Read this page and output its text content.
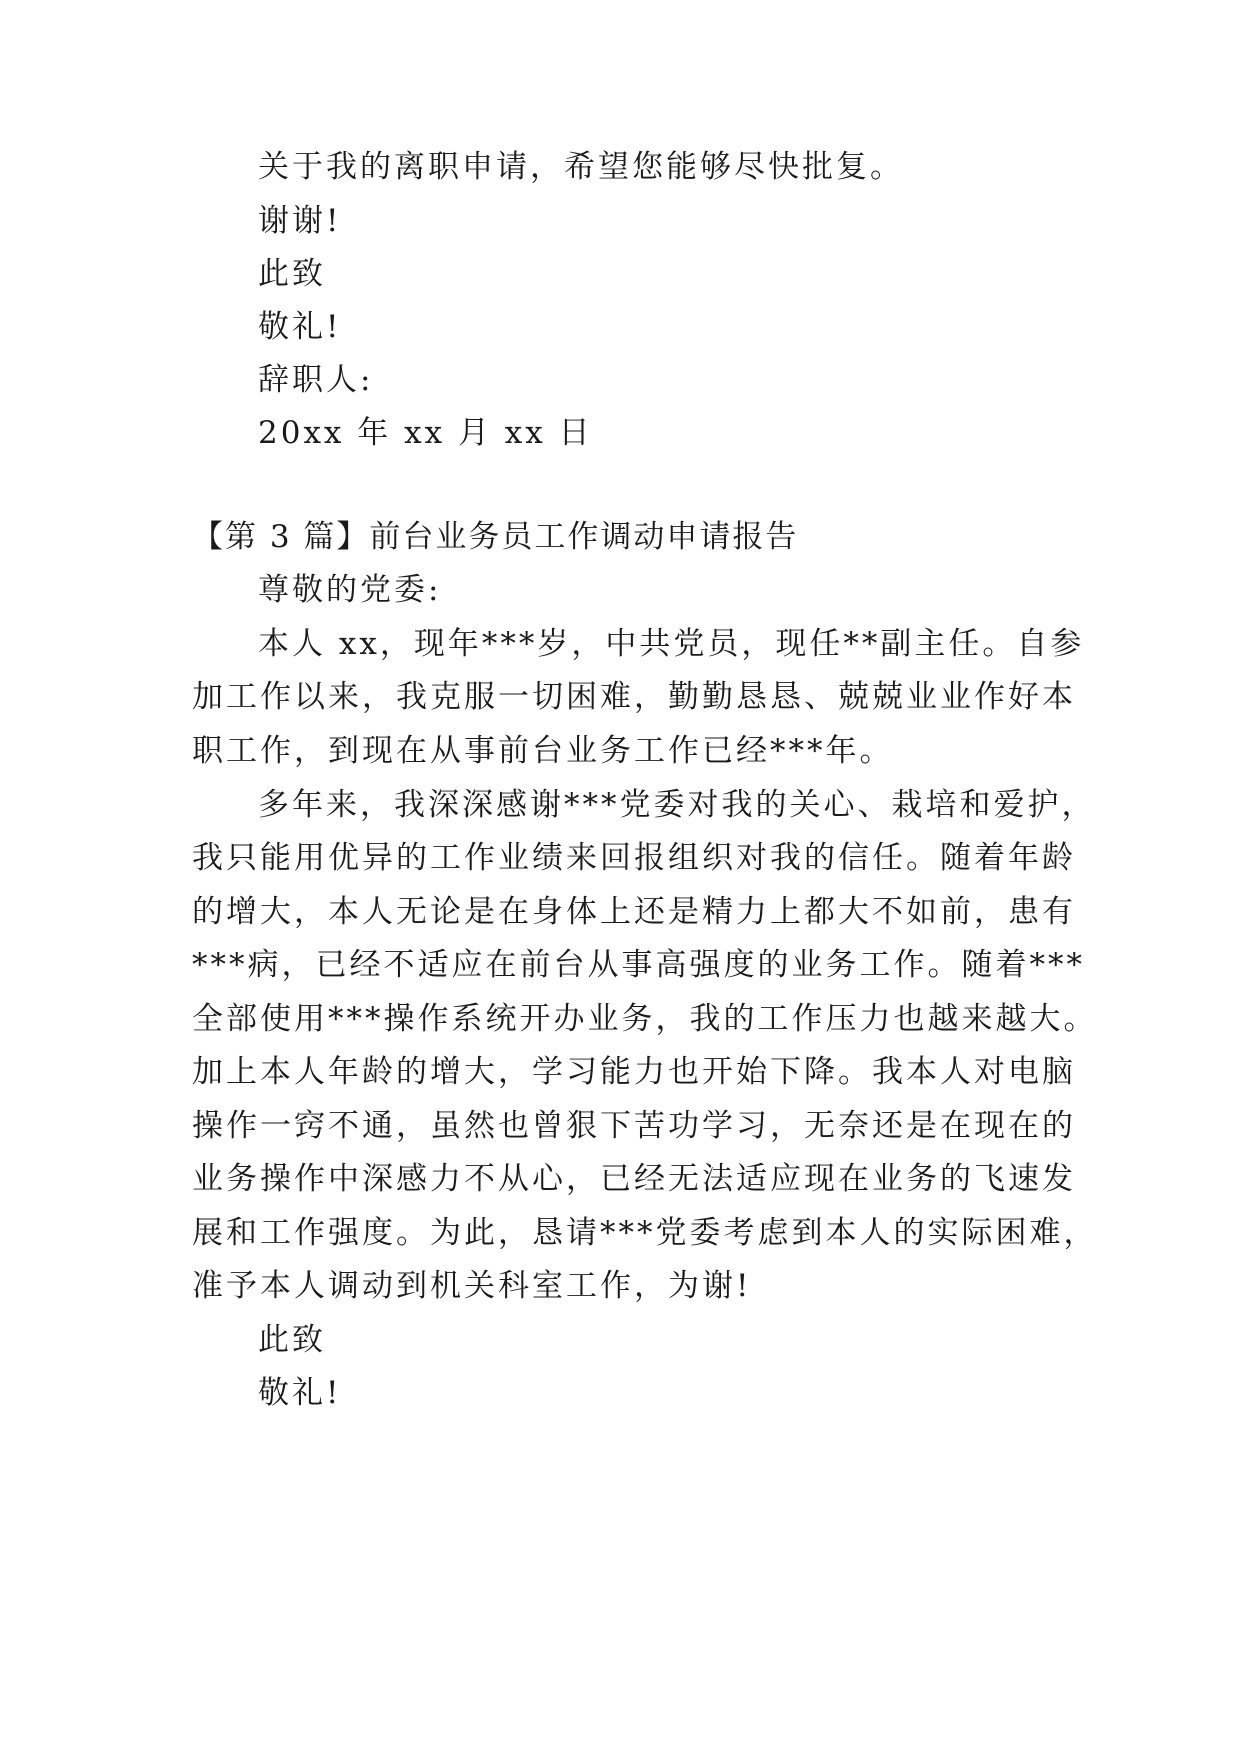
关于我的离职申请，希望您能够尽快批复。
谢谢!
此致
敬礼!
辞职人:
20xx 年 xx 月 xx 日
【第 3 篇】前台业务员工作调动申请报告
尊敬的党委:
本人 xx，现年***岁，中共党员，现任**副主任。自参
加工作以来，我克服一切困难，勤勤恳恳、兢兢业业作好本
职工作，到现在从事前台业务工作已经***年。
多年来，我深深感谢***党委对我的关心、栽培和爱护，
我只能用优异的工作业绩来回报组织对我的信任。随着年龄
的增大，本人无论是在身体上还是精力上都大不如前，患有
***病，已经不适应在前台从事高强度的业务工作。随着***
全部使用***操作系统开办业务，我的工作压力也越来越大。
加上本人年龄的增大，学习能力也开始下降。我本人对电脑
操作一窍不通，虽然也曾狠下苦功学习，无奈还是在现在的
业务操作中深感力不从心，已经无法适应现在业务的飞速发
展和工作强度。为此，恳请***党委考虑到本人的实际困难，
准予本人调动到机关科室工作，为谢!
此致
敬礼!
